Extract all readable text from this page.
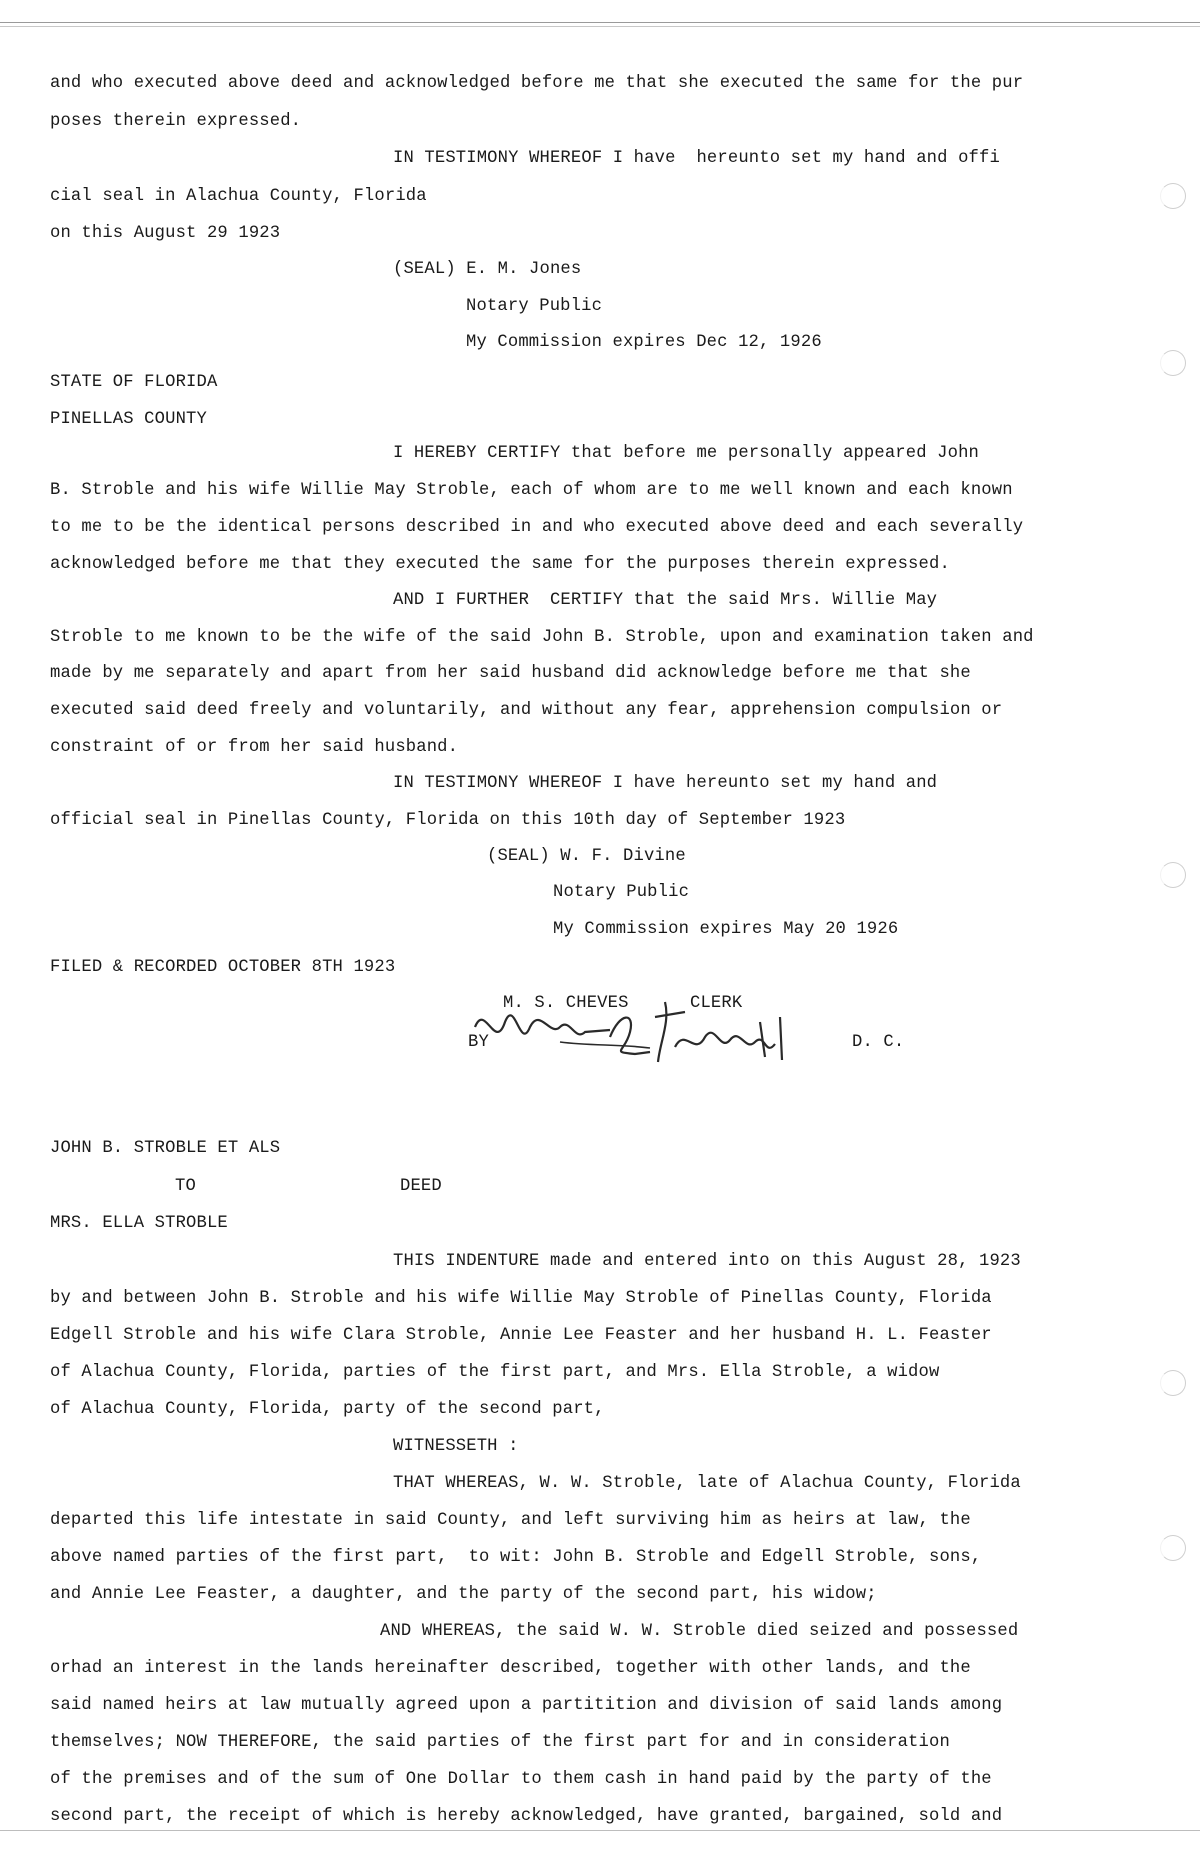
and who executed above deed and acknowledged before me that she executed the same for the pur
poses therein expressed.
IN TESTIMONY WHEREOF I have  hereunto set my hand and offi
cial seal in Alachua County, Florida
on this August 29 1923
(SEAL) E. M. Jones
Notary Public
My Commission expires Dec 12, 1926
STATE OF FLORIDA
PINELLAS COUNTY
I HEREBY CERTIFY that before me personally appeared John
B. Stroble and his wife Willie May Stroble, each of whom are to me well known and each known
to me to be the identical persons described in and who executed above deed and each severally
acknowledged before me that they executed the same for the purposes therein expressed.
AND I FURTHER  CERTIFY that the said Mrs. Willie May
Stroble to me known to be the wife of the said John B. Stroble, upon and examination taken and
made by me separately and apart from her said husband did acknowledge before me that she
executed said deed freely and voluntarily, and without any fear, apprehension compulsion or
constraint of or from her said husband.
IN TESTIMONY WHEREOF I have hereunto set my hand and
official seal in Pinellas County, Florida on this 10th day of September 1923
(SEAL) W. F. Divine
Notary Public
My Commission expires May 20 1926
FILED & RECORDED OCTOBER 8TH 1923
M. S. CHEVES	CLERK
BY	D. C.
JOHN B. STROBLE ET ALS
TO	DEED
MRS. ELLA STROBLE
THIS INDENTURE made and entered into on this August 28, 1923
by and between John B. Stroble and his wife Willie May Stroble of Pinellas County, Florida
Edgell Stroble and his wife Clara Stroble, Annie Lee Feaster and her husband H. L. Feaster
of Alachua County, Florida, parties of the first part, and Mrs. Ella Stroble, a widow
of Alachua County, Florida, party of the second part,
WITNESSETH :
THAT WHEREAS, W. W. Stroble, late of Alachua County, Florida
departed this life intestate in said County, and left surviving him as heirs at law, the
above named parties of the first part,  to wit: John B. Stroble and Edgell Stroble, sons,
and Annie Lee Feaster, a daughter, and the party of the second part, his widow;
AND WHEREAS, the said W. W. Stroble died seized and possessed
orhad an interest in the lands hereinafter described, together with other lands, and the
said named heirs at law mutually agreed upon a partitition and division of said lands among
themselves; NOW THEREFORE, the said parties of the first part for and in consideration
of the premises and of the sum of One Dollar to them cash in hand paid by the party of the
second part, the receipt of which is hereby acknowledged, have granted, bargained, sold and
